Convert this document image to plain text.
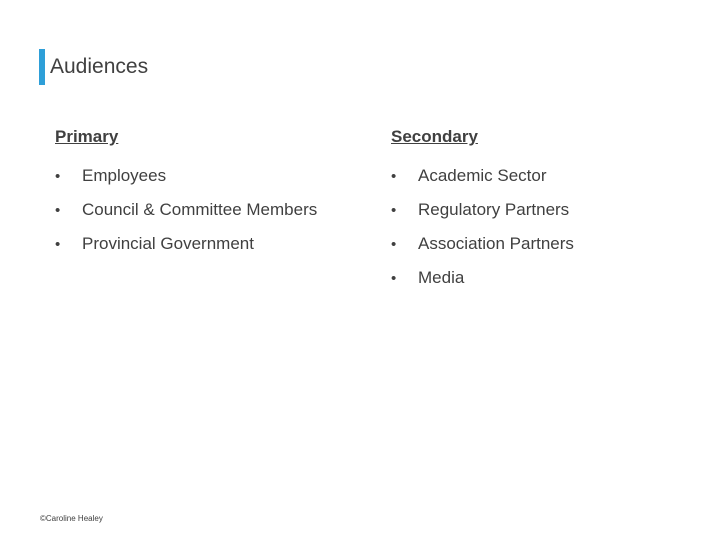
Audiences
Primary
•	Employees
•	Council & Committee Members
•	Provincial Government
Secondary
•	Academic Sector
•	Regulatory Partners
•	Association Partners
•	Media
©Caroline Healey
